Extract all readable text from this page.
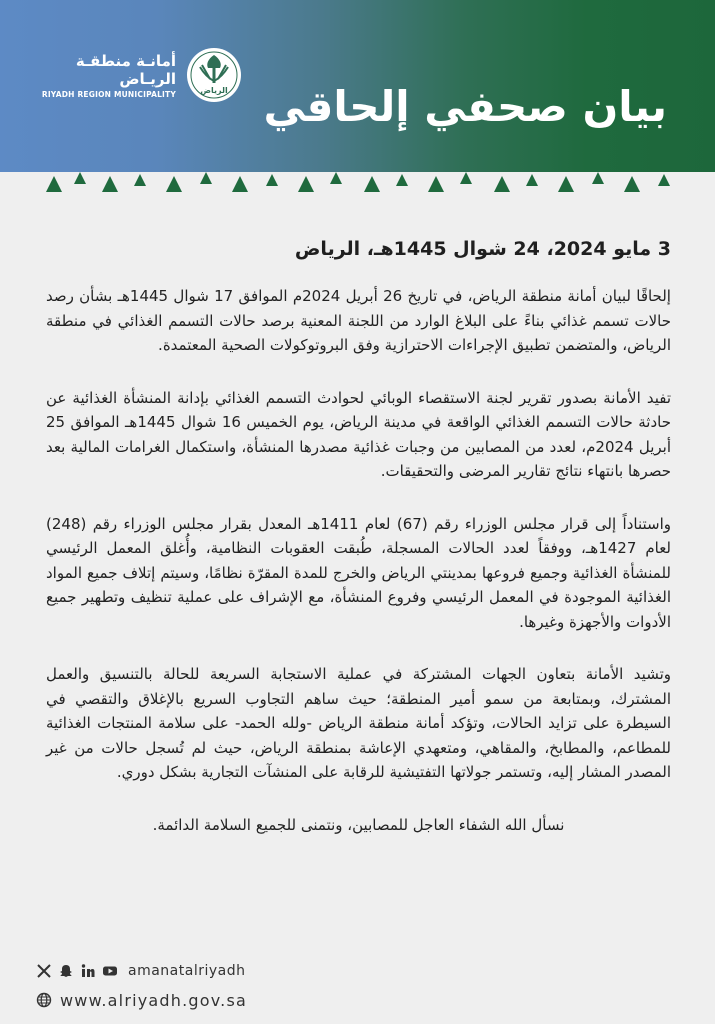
أمانـة منطقـة الريـاض
RIYADH REGION MUNICIPALITY	الرياض بيان صحفي إلحاقي

3 مايو 2024، 24 شوال 1445هـ، الرياض

إلحاقًا لبيان أمانة منطقة الرياض، في تاريخ 26 أبريل 2024م الموافق 17 شوال 1445هـ بشأن رصد حالات تسمم غذائي بناءً على البلاغ الوارد من اللجنة المعنية برصد حالات التسمم الغذائي في منطقة الرياض، والمتضمن تطبيق الإجراءات الاحترازية وفق البروتوكولات الصحية المعتمدة.

تفيد الأمانة بصدور تقرير لجنة الاستقصاء الوبائي لحوادث التسمم الغذائي بإدانة المنشأة الغذائية عن حادثة حالات التسمم الغذائي الواقعة في مدينة الرياض، يوم الخميس 16 شوال 1445هـ الموافق 25 أبريل 2024م، لعدد من المصابين من وجبات غذائية مصدرها المنشأة، واستكمال الغرامات المالية بعد حصرها بانتهاء نتائج تقارير المرضى والتحقيقات.

واستناداً إلى قرار مجلس الوزراء رقم (67) لعام 1411هـ المعدل بقرار مجلس الوزراء رقم (248) لعام 1427هـ، ووفقاً لعدد الحالات المسجلة، طُبقت العقوبات النظامية، وأُغلق المعمل الرئيسي للمنشأة الغذائية وجميع فروعها بمدينتي الرياض والخرج للمدة المقرّة نظامًا، وسيتم إتلاف جميع المواد الغذائية الموجودة في المعمل الرئيسي وفروع المنشأة، مع الإشراف على عملية تنظيف وتطهير جميع الأدوات والأجهزة وغيرها.

وتشيد الأمانة بتعاون الجهات المشتركة في عملية الاستجابة السريعة للحالة بالتنسيق والعمل المشترك، وبمتابعة من سمو أمير المنطقة؛ حيث ساهم التجاوب السريع بالإغلاق والتقصي في السيطرة على تزايد الحالات، وتؤكد أمانة منطقة الرياض -ولله الحمد- على سلامة المنتجات الغذائية للمطاعم، والمطابخ، والمقاهي، ومتعهدي الإعاشة بمنطقة الرياض، حيث لم تُسجل حالات من غير المصدر المشار إليه، وتستمر جولاتها التفتيشية للرقابة على المنشآت التجارية بشكل دوري.

نسأل الله الشفاء العاجل للمصابين، ونتمنى للجميع السلامة الدائمة.

amanatalriyadh
www.alriyadh.gov.sa
